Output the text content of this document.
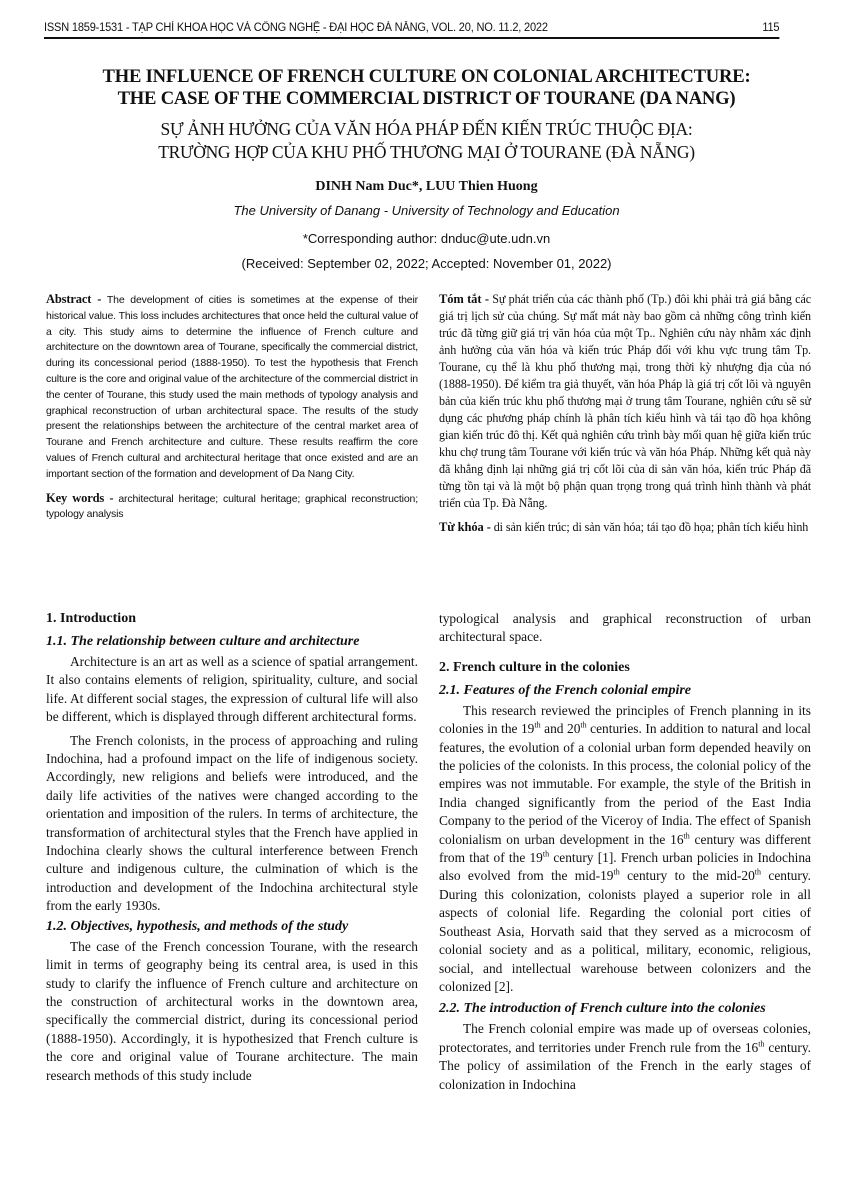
ISSN 1859-1531 - TẠP CHÍ KHOA HỌC VÀ CÔNG NGHỆ - ĐẠI HỌC ĐÀ NẴNG, VOL. 20, NO. 11.2, 2022	115
THE INFLUENCE OF FRENCH CULTURE ON COLONIAL ARCHITECTURE:
THE CASE OF THE COMMERCIAL DISTRICT OF TOURANE (DA NANG)
SỰ ẢNH HƯỞNG CỦA VĂN HÓA PHÁP ĐẾN KIẾN TRÚC THUỘC ĐỊA:
TRƯỜNG HỢP CỦA KHU PHỐ THƯƠNG MẠI Ở TOURANE (ĐÀ NẴNG)
DINH Nam Duc*, LUU Thien Huong
The University of Danang - University of Technology and Education
*Corresponding author: dnduc@ute.udn.vn
(Received: September 02, 2022; Accepted: November 01, 2022)
Abstract - The development of cities is sometimes at the expense of their historical value. This loss includes architectures that once held the cultural value of a city. This study aims to determine the influence of French culture and architecture on the downtown area of Tourane, specifically the commercial district, during its concessional period (1888-1950). To test the hypothesis that French culture is the core and original value of the architecture of the commercial district in the center of Tourane, this study used the main methods of typology analysis and graphical reconstruction of urban architectural space. The results of the study present the relationships between the architecture of the central market area of Tourane and French architecture and culture. These results reaffirm the core values of French cultural and architectural heritage that once existed and are an important section of the formation and development of Da Nang City.
Key words - architectural heritage; cultural heritage; graphical reconstruction; typology analysis
Tóm tắt - Sự phát triển của các thành phố (Tp.) đôi khi phải trả giá bằng các giá trị lịch sử của chúng. Sự mất mát này bao gồm cả những công trình kiến trúc đã từng giữ giá trị văn hóa của một Tp.. Nghiên cứu này nhằm xác định ảnh hưởng của văn hóa và kiến trúc Pháp đối với khu vực trung tâm Tp. Tourane, cụ thể là khu phố thương mại, trong thời kỳ nhượng địa của nó (1888-1950). Để kiểm tra giả thuyết, văn hóa Pháp là giá trị cốt lõi và nguyên bản của kiến trúc khu phố thương mại ở trung tâm Tourane, nghiên cứu sẽ sử dụng các phương pháp chính là phân tích kiểu hình và tái tạo đồ họa không gian kiến trúc đô thị. Kết quả nghiên cứu trình bày mối quan hệ giữa kiến trúc khu chợ trung tâm Tourane với kiến trúc và văn hóa Pháp. Những kết quả này đã khẳng định lại những giá trị cốt lõi của di sản văn hóa, kiến trúc Pháp đã từng tồn tại và là một bộ phận quan trọng trong quá trình hình thành và phát triển của Tp. Đà Nẵng.
Từ khóa - di sản kiến trúc; di sản văn hóa; tái tạo đồ họa; phân tích kiểu hình
1. Introduction
1.1. The relationship between culture and architecture

Architecture is an art as well as a science of spatial arrangement. It also contains elements of religion, spirituality, culture, and social life. At different social stages, the expression of cultural life will also be different, which is displayed through different architectural forms.

The French colonists, in the process of approaching and ruling Indochina, had a profound impact on the life of indigenous society. Accordingly, new religions and beliefs were introduced, and the daily life activities of the natives were changed according to the orientation and imposition of the rulers. In terms of architecture, the transformation of architectural styles that the French have applied in Indochina clearly shows the cultural interference between French culture and indigenous culture, the culmination of which is the introduction and development of the Indochina architectural style from the early 1930s.

1.2. Objectives, hypothesis, and methods of the study

The case of the French concession Tourane, with the research limit in terms of geography being its central area, is used in this study to clarify the influence of French culture and architecture on the construction of architectural works in the downtown area, specifically the commercial district, during its concessional period (1888-1950). Accordingly, it is hypothesized that French culture is the core and original value of Tourane architecture. The main research methods of this study include

typological analysis and graphical reconstruction of urban architectural space.

2. French culture in the colonies
2.1. Features of the French colonial empire

This research reviewed the principles of French planning in its colonies in the 19th and 20th centuries. In addition to natural and local features, the evolution of a colonial urban form depended heavily on the policies of the colonists. In this process, the colonial policy of the empires was not immutable. For example, the style of the British in India changed significantly from the period of the East India Company to the period of the Viceroy of India. The effect of Spanish colonialism on urban development in the 16th century was different from that of the 19th century [1]. French urban policies in Indochina also evolved from the mid-19th century to the mid-20th century. During this colonization, colonists played a superior role in all aspects of colonial life. Regarding the colonial port cities of Southeast Asia, Horvath said that they served as a microcosm of colonial society and as a political, military, economic, religious, social, and intellectual warehouse between colonizers and the colonized [2].

2.2. The introduction of French culture into the colonies

The French colonial empire was made up of overseas colonies, protectorates, and territories under French rule from the 16th century. The policy of assimilation of the French in the early stages of colonization in Indochina
